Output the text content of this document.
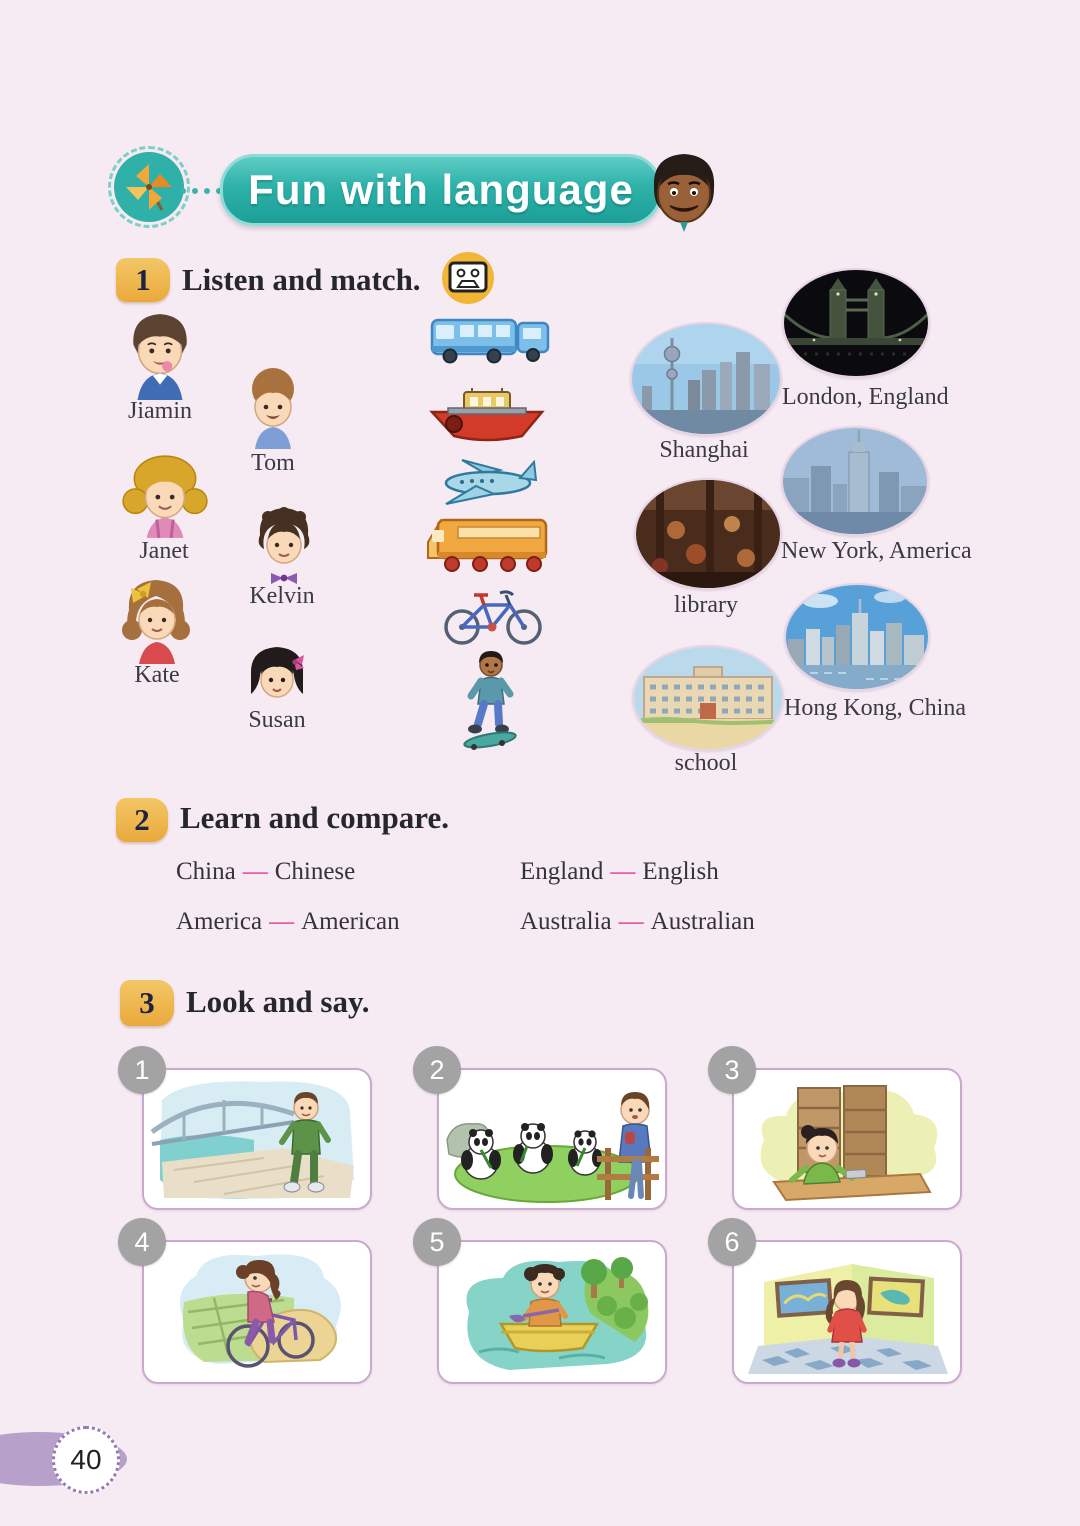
Fun with language
1 Listen and match.
Jiamin
Tom
Janet
Kelvin
Kate
Susan
Shanghai
library
school
London, England
New York, America
Hong Kong, China
2 Learn and compare.
China — Chinese	England — English
America — American	Australia — Australian
3 Look and say.
1	2	3
4	5	6
40
